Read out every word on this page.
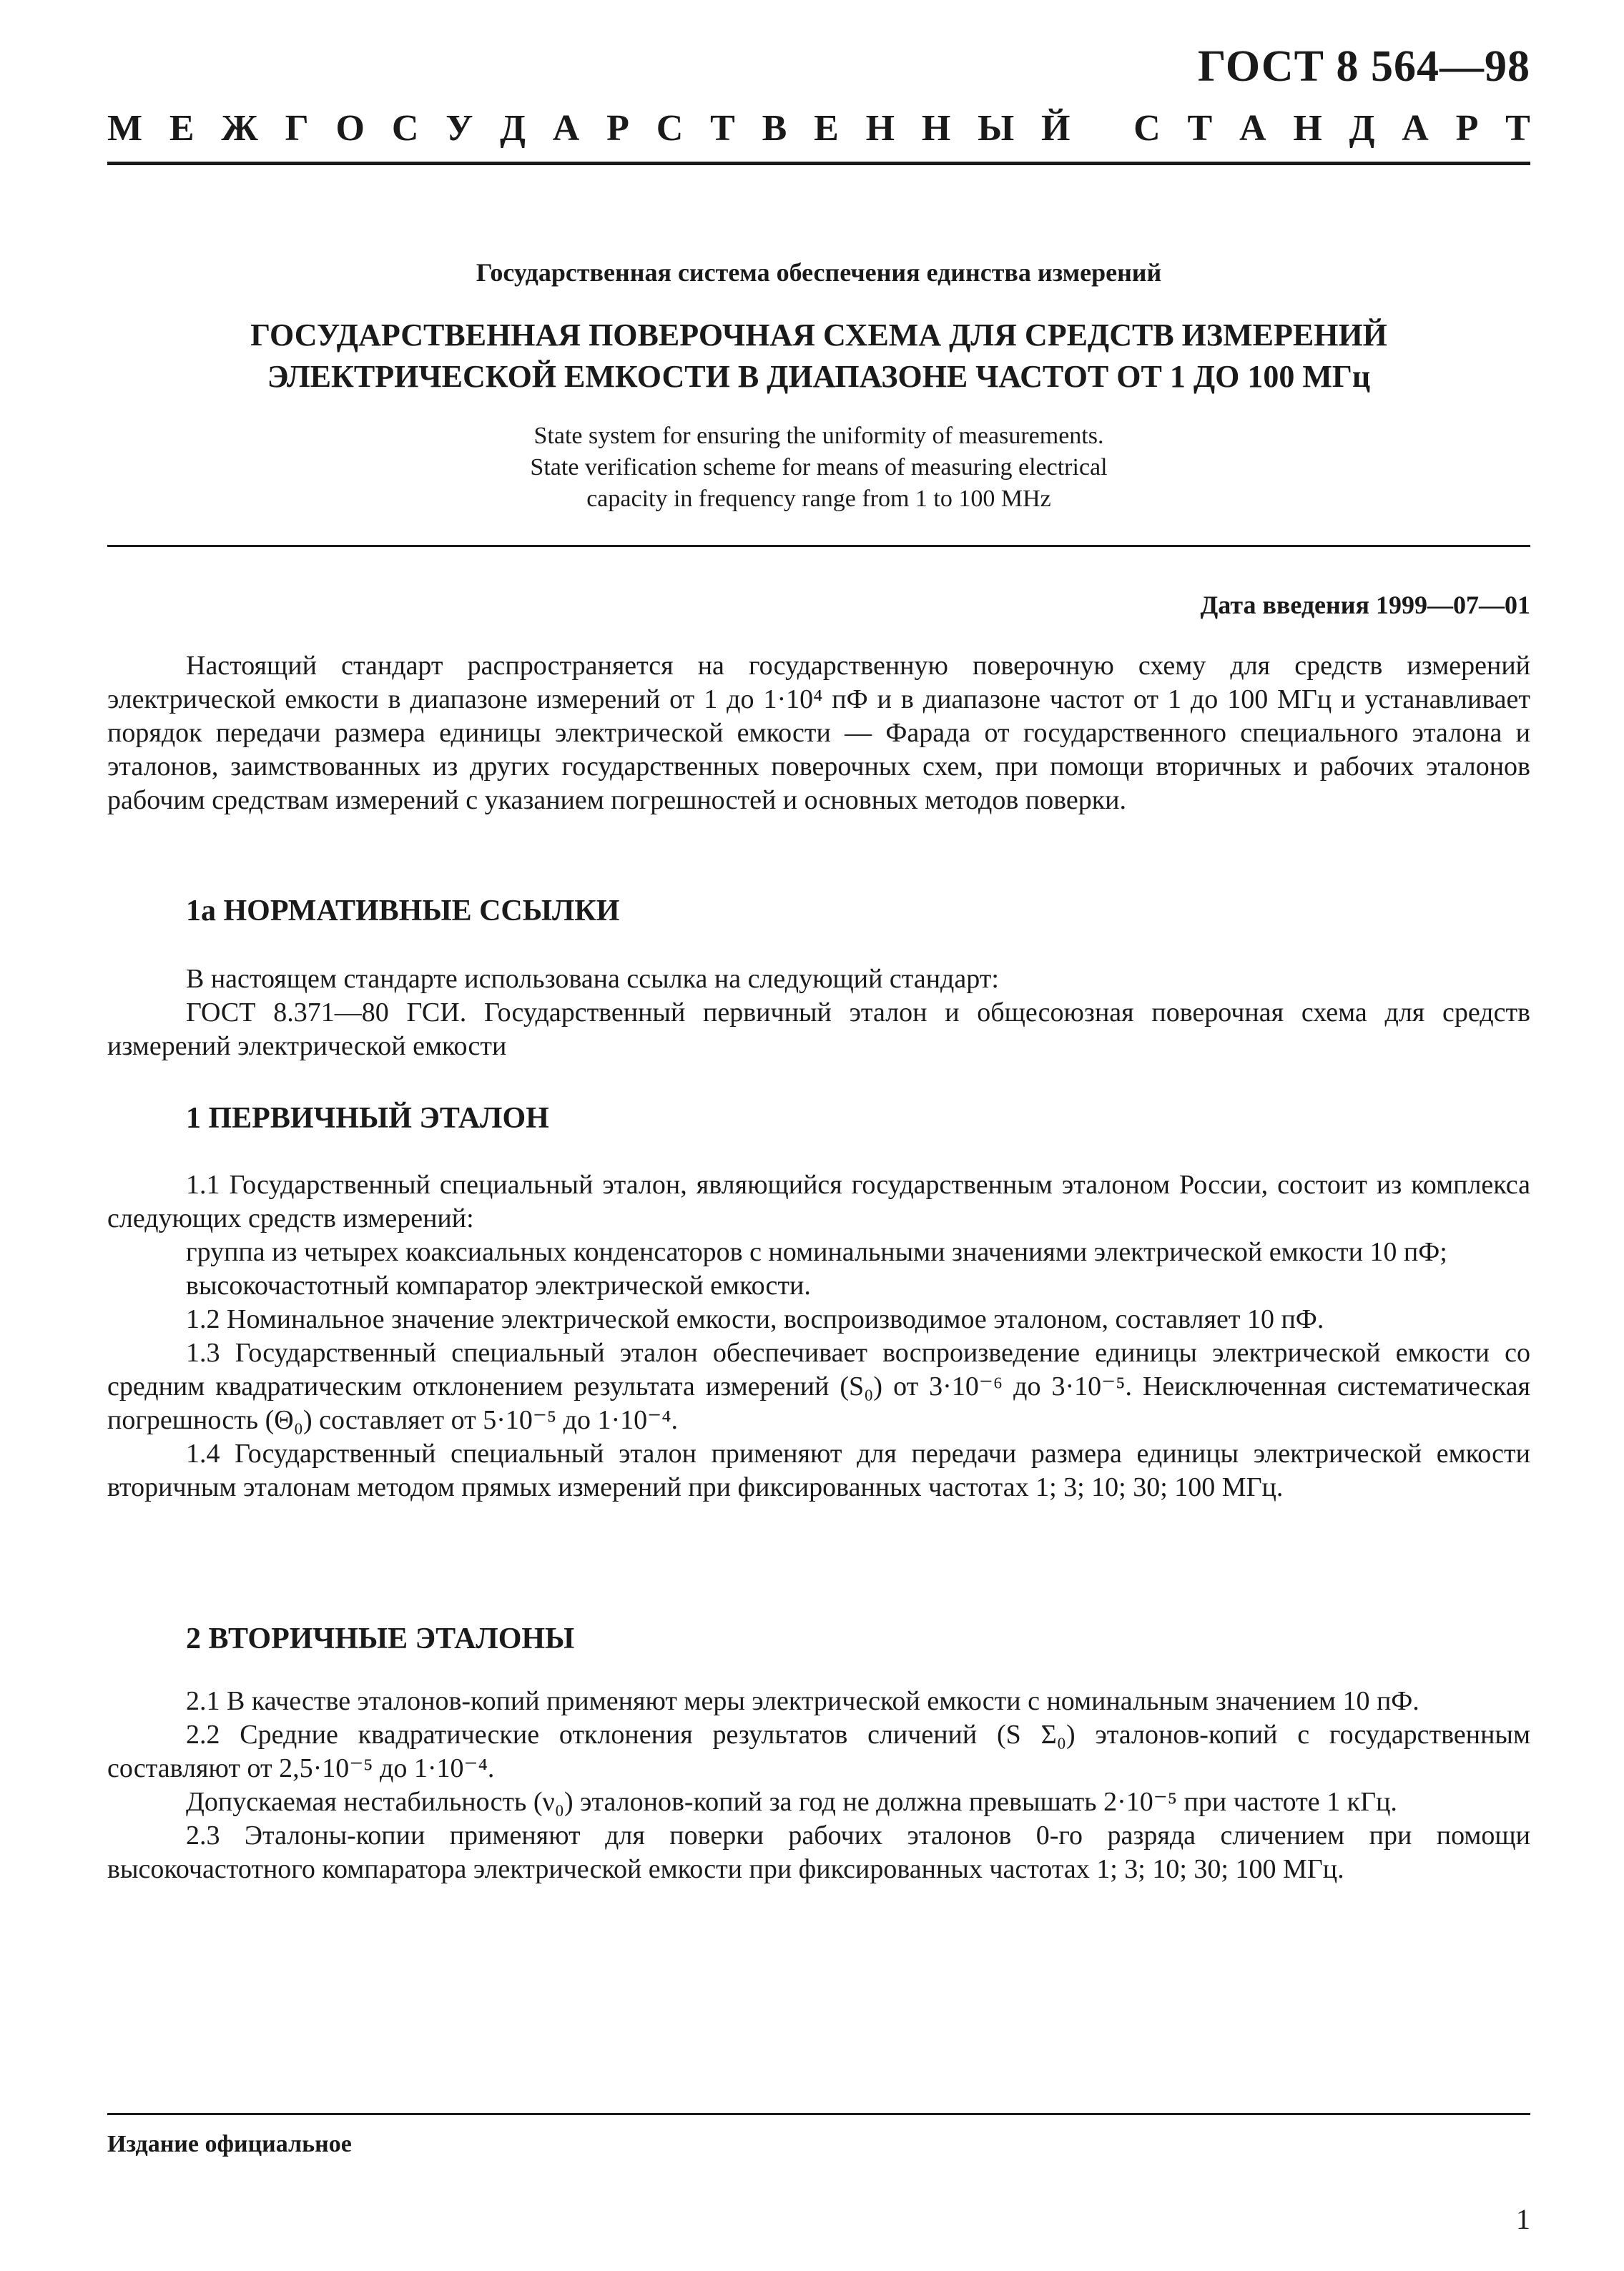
ГОСТ 8 564—98
М Е Ж Г О С У Д А Р С Т В Е Н Н Ы Й
С Т А Н Д А Р Т
Государственная система обеспечения единства измерений
ГОСУДАРСТВЕННАЯ ПОВЕРОЧНАЯ СХЕМА ДЛЯ СРЕДСТВ ИЗМЕРЕНИЙ
ЭЛЕКТРИЧЕСКОЙ ЕМКОСТИ В ДИАПАЗОНЕ ЧАСТОТ ОТ 1 ДО 100 МГц
State system for ensuring the uniformity of measurements.
State verification scheme for means of measuring electrical
capacity in frequency range from 1 to 100 MHz
Дата введения 1999—07—01

Настоящий стандарт распространяется на государственную поверочную схему для средств измерений электрической емкости в диапазоне измерений от 1 до 1·10⁴ пФ и в диапазоне частот от 1 до 100 МГц и устанавливает порядок передачи размера единицы электрической емкости — Фарада от государственного специального эталона и эталонов, заимствованных из других государственных поверочных схем, при помощи вторичных и рабочих эталонов рабочим средствам измерений с указанием погрешностей и основных методов поверки.

1а НОРМАТИВНЫЕ ССЫЛКИ

В настоящем стандарте использована ссылка на следующий стандарт:

ГОСТ 8.371—80 ГСИ. Государственный первичный эталон и общесоюзная поверочная схема для средств измерений электрической емкости

1 ПЕРВИЧНЫЙ ЭТАЛОН

1.1 Государственный специальный эталон, являющийся государственным эталоном России, состоит из комплекса следующих средств измерений:

группа из четырех коаксиальных конденсаторов с номинальными значениями электрической емкости 10 пФ;

высокочастотный компаратор электрической емкости.

1.2 Номинальное значение электрической емкости, воспроизводимое эталоном, составляет 10 пФ.

1.3 Государственный специальный эталон обеспечивает воспроизведение единицы электрической емкости со средним квадратическим отклонением результата измерений (S₀) от 3·10⁻⁶ до 3·10⁻⁵. Неисключенная систематическая погрешность (Θ₀) составляет от 5·10⁻⁵ до 1·10⁻⁴.

1.4 Государственный специальный эталон применяют для передачи размера единицы электрической емкости вторичным эталонам методом прямых измерений при фиксированных частотах 1; 3; 10; 30; 100 МГц.

2 ВТОРИЧНЫЕ ЭТАЛОНЫ

2.1 В качестве эталонов-копий применяют меры электрической емкости с номинальным значением 10 пФ.

2.2 Средние квадратические отклонения результатов сличений (S Σ₀) эталонов-копий с государственным составляют от 2,5·10⁻⁵ до 1·10⁻⁴.

Допускаемая нестабильность (ν₀) эталонов-копий за год не должна превышать 2·10⁻⁵ при частоте 1 кГц.

2.3 Эталоны-копии применяют для поверки рабочих эталонов 0-го разряда сличением при помощи высокочастотного компаратора электрической емкости при фиксированных частотах 1; 3; 10; 30; 100 МГц.

Издание официальное
1
